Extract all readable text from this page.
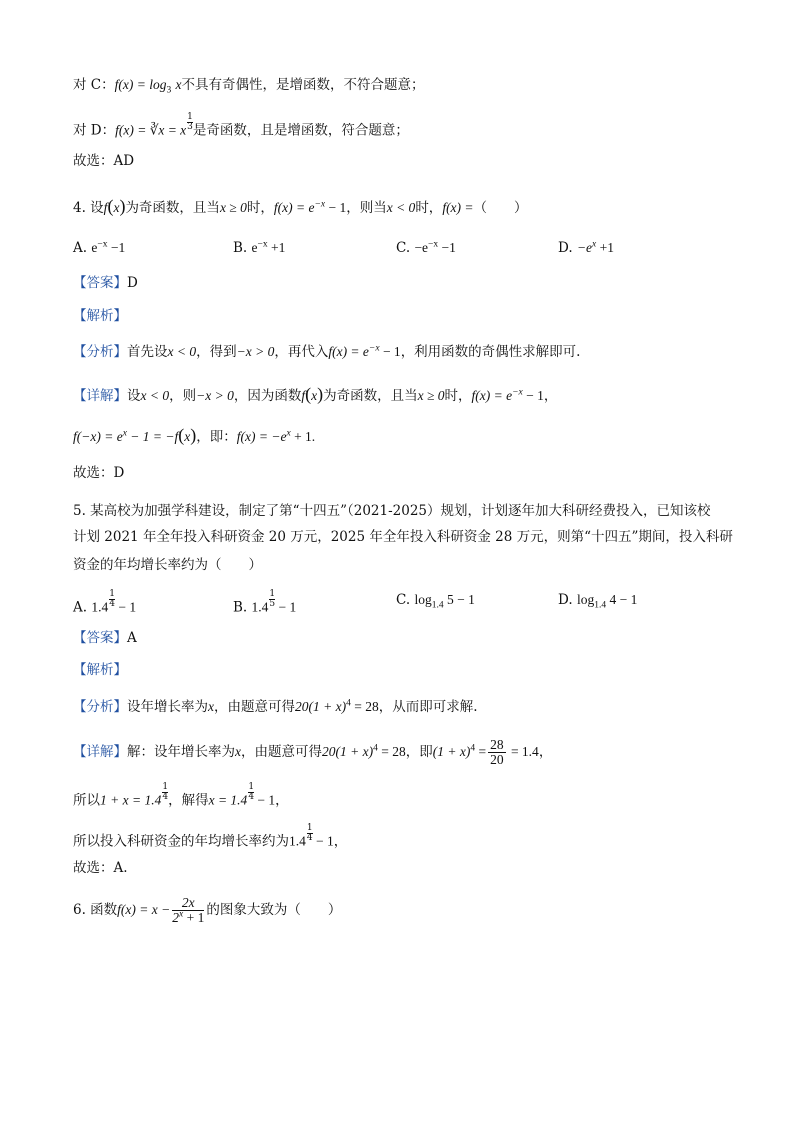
对 C：$f(x) = \log_3 x$不具有奇偶性，是增函数，不符合题意；
对 D：f(x) = ∛x = x $\frac{1}{3}$ 是奇函数，且是增函数，符合题意；
故选：AD
4. 设f(x)为奇函数，且当x ≥ 0时，$f(x) = e^{-x} - 1$，则当x < 0时，f(x) =（　　）
A. $e^{-x} -1$	B. $e^{-x} +1$	C. $-e^{-x} -1$	D. $-e^x +1$
【答案】D
【解析】
【分析】首先设x < 0，得到−x > 0，再代入$f(x) = e^{-x} - 1$，利用函数的奇偶性求解即可.
【详解】设x < 0，则−x > 0，因为函数f(x)为奇函数，且当x ≥ 0时，$f(x) = e^{-x} - 1$，
$f(-x) = e^x - 1 = -f(x)$，即：$f(x) = -e^x + 1$.
故选：D
5. 某高校为加强学科建设，制定了第“十四五”（2021-2025）规划，计划逐年加大科研经费投入，已知该校
计划 2021 年全年投入科研资金 20 万元，2025 年全年投入科研资金 28 万元，则第“十四五”期间，投入科研
资金的年均增长率约为（　　）
A. $1.4 \frac{1}{4} - 1$	B. $1.4 \frac{1}{5} - 1$	C. $\log_{1.4} 5 - 1$	D. $\log_{1.4} 4 - 1$
【答案】A
【解析】
【分析】设年增长率为x，由题意可得$20(1 + x)^4 = 28$，从而即可求解.
【详解】解：设年增长率为x，由题意可得$20(1 + x)^4 = 28$，即$(1 + x)^4 = \frac{28}{20} = 1.4$，
所以$1 + x = 1.4 \frac{1}{4}$ ，解得$x = 1.4 \frac{1}{4} - 1$，
所以投入科研资金的年均增长率约为$1.4 \frac{1}{4} - 1$，
故选：A.
6. 函数$f(x) = x - \frac{2x}{2^x + 1}$ 的图象大致为（　　）
